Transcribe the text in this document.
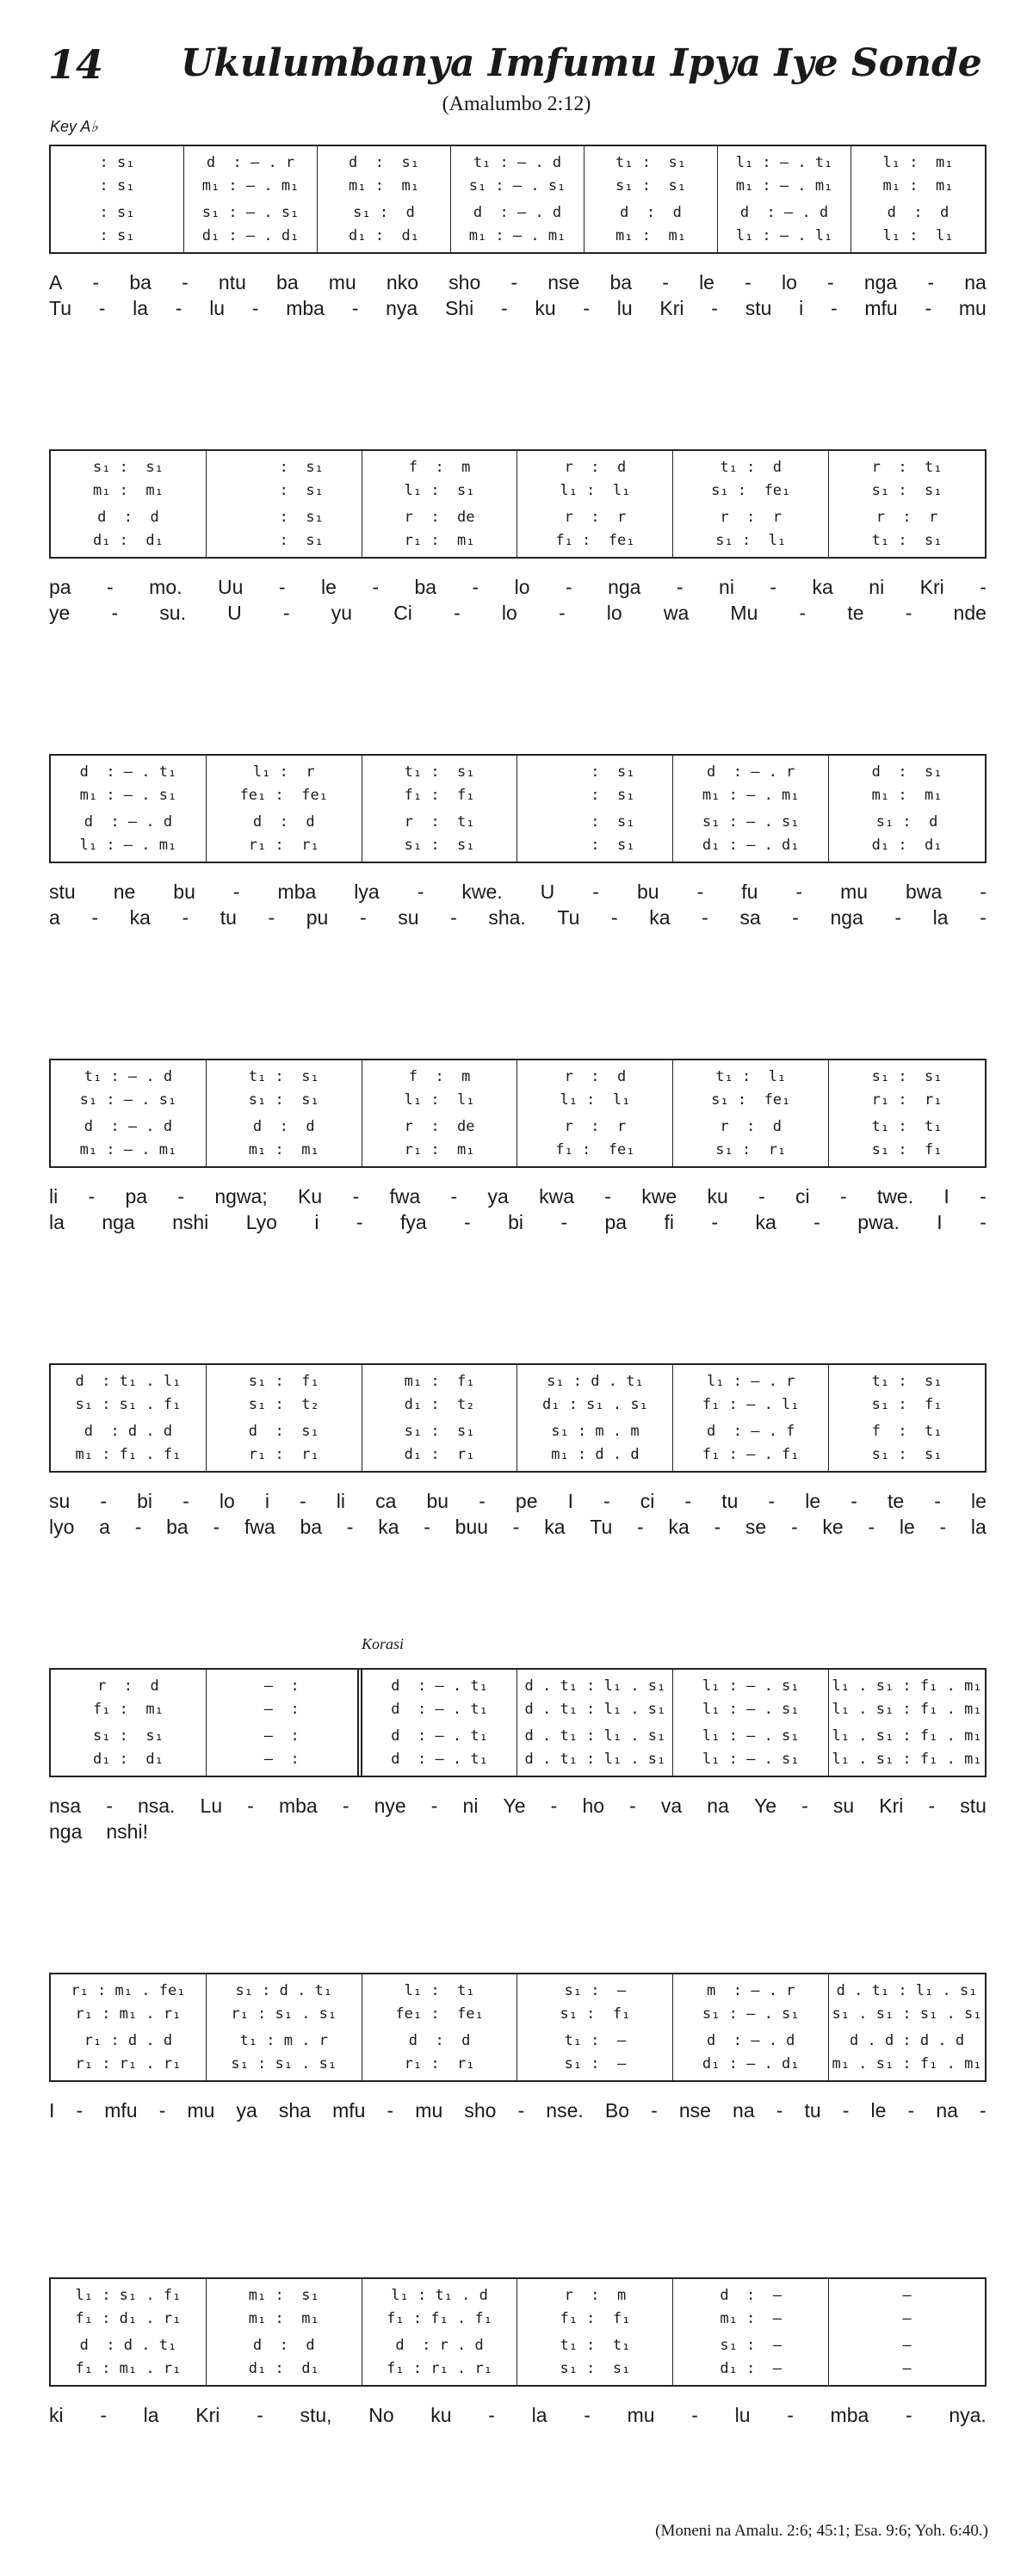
14 Ukulumbanya Imfumu Ipya Iye Sonde
(Amalumbo 2:12)
Key A♭
: s₁
: s₁
: s₁
: s₁
d  : – . r
m₁ : – . m₁
s₁ : – . s₁
d₁ : – . d₁
d  :  s₁
m₁ :  m₁
s₁ :  d
d₁ :  d₁
t₁ : – . d
s₁ : – . s₁
d  : – . d
m₁ : – . m₁
t₁ :  s₁
s₁ :  s₁
d  :  d
m₁ :  m₁
l₁ : – . t₁
m₁ : – . m₁
d  : – . d
l₁ : – . l₁
l₁ :  m₁
m₁ :  m₁
d  :  d
l₁ :  l₁
A - ba - ntu ba mu nko sho - nse ba - le - lo - nga - na
Tu - la - lu - mba - nya Shi - ku - lu Kri - stu i - mfu - mu
s₁ :  s₁
m₁ :  m₁
d  :  d
d₁ :  d₁
:  s₁
:  s₁
:  s₁
:  s₁
f  :  m
l₁ :  s₁
r  :  de
r₁ :  m₁
r  :  d
l₁ :  l₁
r  :  r
f₁ :  fe₁
t₁ :  d
s₁ :  fe₁
r  :  r
s₁ :  l₁
r  :  t₁
s₁ :  s₁
r  :  r
t₁ :  s₁
pa - mo. Uu - le - ba - lo - nga - ni - ka ni Kri -
ye - su. U - yu Ci - lo - lo wa Mu - te - nde
d  : – . t₁
m₁ : – . s₁
d  : – . d
l₁ : – . m₁
l₁ :  r
fe₁ :  fe₁
d  :  d
r₁ :  r₁
t₁ :  s₁
f₁ :  f₁
r  :  t₁
s₁ :  s₁
:  s₁
:  s₁
:  s₁
:  s₁
d  : – . r
m₁ : – . m₁
s₁ : – . s₁
d₁ : – . d₁
d  :  s₁
m₁ :  m₁
s₁ :  d
d₁ :  d₁
stu ne bu - mba lya - kwe. U - bu - fu - mu bwa -
a - ka - tu - pu - su - sha. Tu - ka - sa - nga - la -
t₁ : – . d
s₁ : – . s₁
d  : – . d
m₁ : – . m₁
t₁ :  s₁
s₁ :  s₁
d  :  d
m₁ :  m₁
f  :  m
l₁ :  l₁
r  :  de
r₁ :  m₁
r  :  d
l₁ :  l₁
r  :  r
f₁ :  fe₁
t₁ :  l₁
s₁ :  fe₁
r  :  d
s₁ :  r₁
s₁ :  s₁
r₁ :  r₁
t₁ :  t₁
s₁ :  f₁
li - pa - ngwa; Ku - fwa - ya kwa - kwe ku - ci - twe. I -
la nga nshi Lyo i - fya - bi - pa fi - ka - pwa. I -
d  : t₁ . l₁
s₁ : s₁ . f₁
d  : d . d
m₁ : f₁ . f₁
s₁ :  f₁
s₁ :  t₂
d  :  s₁
r₁ :  r₁
m₁ :  f₁
d₁ :  t₂
s₁ :  s₁
d₁ :  r₁
s₁ : d . t₁
d₁ : s₁ . s₁
s₁ : m . m
m₁ : d . d
l₁ : – . r
f₁ : – . l₁
d  : – . f
f₁ : – . f₁
t₁ :  s₁
s₁ :  f₁
f  :  t₁
s₁ :  s₁
su - bi - lo i - li ca bu - pe I - ci - tu - le - te - le
lyo a - ba - fwa ba - ka - buu - ka Tu - ka - se - ke - le - la
Korasi
r  :  d
f₁ :  m₁
s₁ :  s₁
d₁ :  d₁
—  :
—  :
—  :
—  :
d  : – . t₁
d  : – . t₁
d  : – . t₁
d  : – . t₁
d . t₁ : l₁ . s₁
d . t₁ : l₁ . s₁
d . t₁ : l₁ . s₁
d . t₁ : l₁ . s₁
l₁ : – . s₁
l₁ : – . s₁
l₁ : – . s₁
l₁ : – . s₁
l₁ . s₁ : f₁ . m₁
l₁ . s₁ : f₁ . m₁
l₁ . s₁ : f₁ . m₁
l₁ . s₁ : f₁ . m₁
nsa - nsa. Lu - mba - nye - ni Ye - ho - va na Ye - su Kri - stu
nga nshi!
r₁ : m₁ . fe₁
r₁ : m₁ . r₁
r₁ : d . d
r₁ : r₁ . r₁
s₁ : d . t₁
r₁ : s₁ . s₁
t₁ : m . r
s₁ : s₁ . s₁
l₁ :  t₁
fe₁ :  fe₁
d  :  d
r₁ :  r₁
s₁ :  —
s₁ :  f₁
t₁ :  —
s₁ :  —
m  : – . r
s₁ : – . s₁
d  : – . d
d₁ : – . d₁
d . t₁ : l₁ . s₁
s₁ . s₁ : s₁ . s₁
d . d : d . d
m₁ . s₁ : f₁ . m₁
I - mfu - mu ya sha mfu - mu sho - nse. Bo - nse na - tu - le - na -
l₁ : s₁ . f₁
f₁ : d₁ . r₁
d  : d . t₁
f₁ : m₁ . r₁
m₁ :  s₁
m₁ :  m₁
d  :  d
d₁ :  d₁
l₁ : t₁ . d
f₁ : f₁ . f₁
d  : r . d
f₁ : r₁ . r₁
r  :  m
f₁ :  f₁
t₁ :  t₁
s₁ :  s₁
d  :  —
m₁ :  —
s₁ :  —
d₁ :  —
—
—
—
—
ki - la Kri - stu, No ku - la - mu - lu - mba - nya.
(Moneni na Amalu. 2:6; 45:1; Esa. 9:6; Yoh. 6:40.)
